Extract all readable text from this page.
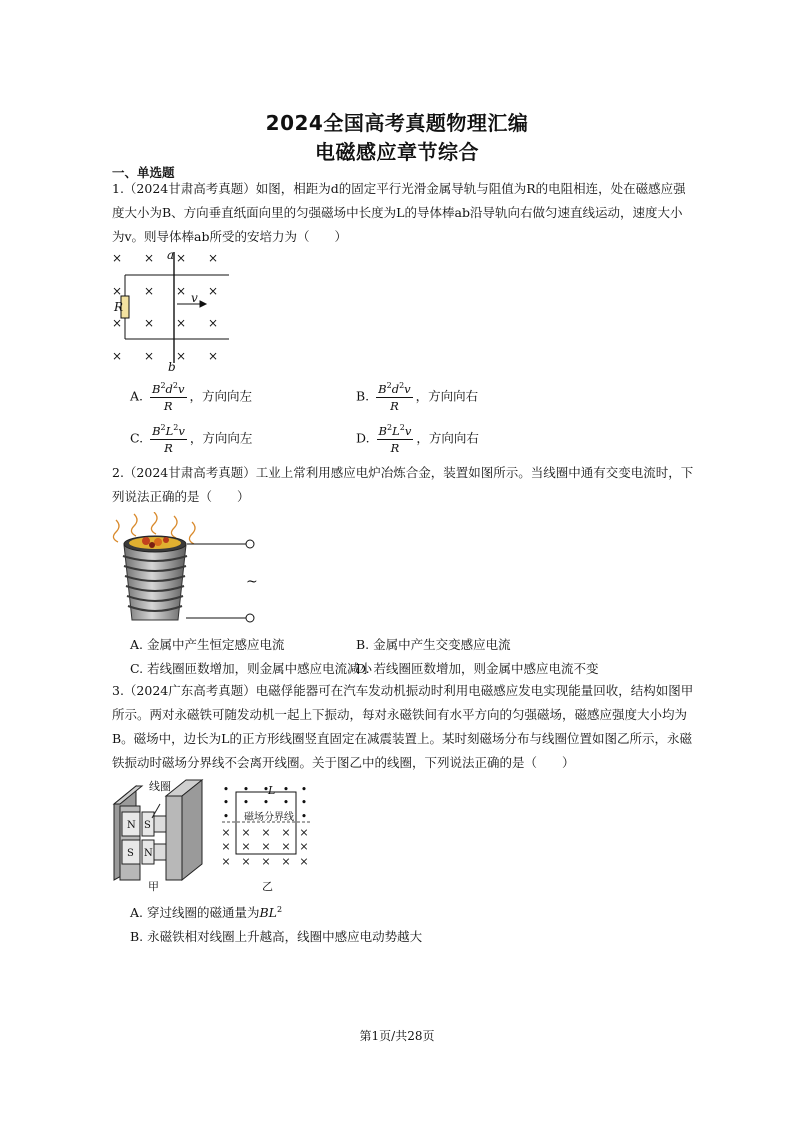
2024全国高考真题物理汇编
电磁感应章节综合
一、单选题
1.（2024甘肃高考真题）如图，相距为d的固定平行光滑金属导轨与阻值为R的电阻相连，处在磁感应强
度大小为B、方向垂直纸面向里的匀强磁场中长度为L的导体棒ab沿导轨向右做匀速直线运动，速度大小
为v。则导体棒ab所受的安培力为（　　）
× × × ×
× × × ×
× × × ×
× × × ×
a
b
R
v
A. $\frac{B^2d^2v}{R}$ ，方向向左	B. $\frac{B^2d^2v}{R}$ ，方向向右
C. $\frac{B^2L^2v}{R}$ ，方向向左	D. $\frac{B^2L^2v}{R}$ ，方向向右
2.（2024甘肃高考真题）工业上常利用感应电炉冶炼合金，装置如图所示。当线圈中通有交变电流时，下
列说法正确的是（　　）
~
A. 金属中产生恒定感应电流	B. 金属中产生交变感应电流
C. 若线圈匝数增加，则金属中感应电流减小
D. 若线圈匝数增加，则金属中感应电流不变
3.（2024广东高考真题）电磁俘能器可在汽车发动机振动时利用电磁感应发电实现能量回收，结构如图甲
所示。两对永磁铁可随发动机一起上下振动，每对永磁铁间有水平方向的匀强磁场，磁感应强度大小均为
B。磁场中，边长为L的正方形线圈竖直固定在减震装置上。某时刻磁场分布与线圈位置如图乙所示，永磁
铁振动时磁场分界线不会离开线圈。关于图乙中的线圈，下列说法正确的是（　　）
线圈
N S
S N
甲
• • • • •
• • • • •
•	•
× × × × ×
× × × × ×
× × × × ×
L
磁场分界线
乙
A. 穿过线圈的磁通量为$BL^2$
B. 永磁铁相对线圈上升越高，线圈中感应电动势越大
第1页/共28页
